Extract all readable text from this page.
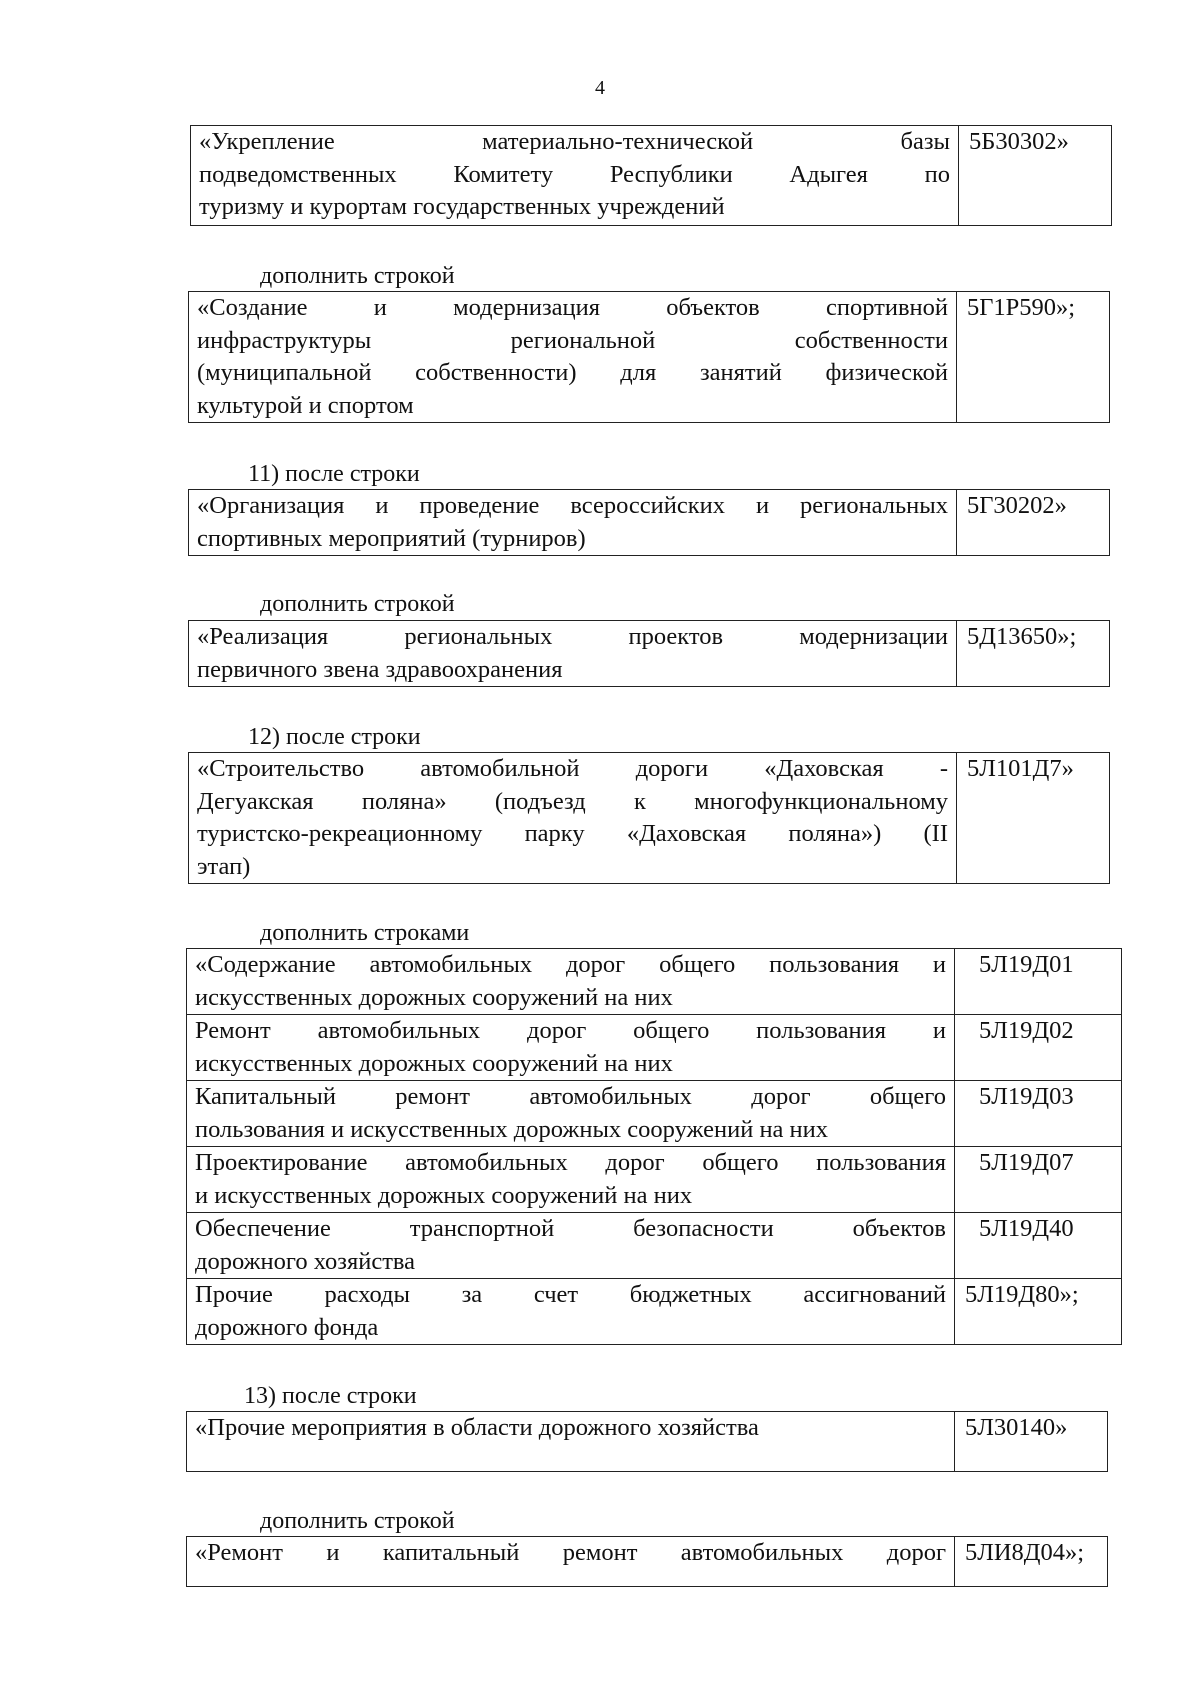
4
«Укрепление материально-технической базы
подведомственных Комитету Республики Адыгея по
туризму и курортам государственных учреждений
	5Б30302»
дополнить строкой
«Создание и модернизация объектов спортивной
инфраструктуры региональной собственности
(муниципальной собственности) для занятий физической
культурой и спортом
	5Г1Р590»;
11) после строки
«Организация и проведение всероссийских и региональных
спортивных мероприятий (турниров)
	5Г30202»
дополнить строкой
«Реализация региональных проектов модернизации
первичного звена здравоохранения
	5Д13650»;
12) после строки
«Строительство автомобильной дороги «Даховская -
Дегуакская поляна» (подъезд к многофункциональному
туристско-рекреационному парку «Даховская поляна») (II
этап)
	5Л101Д7»
дополнить строками
«Содержание автомобильных дорог общего пользования и
искусственных дорожных сооружений на них	5Л19Д01

Ремонт автомобильных дорог общего пользования и
искусственных дорожных сооружений на них	5Л19Д02

Капитальный ремонт автомобильных дорог общего
пользования и искусственных дорожных сооружений на них	5Л19Д03

Проектирование автомобильных дорог общего пользования
и искусственных дорожных сооружений на них	5Л19Д07

Обеспечение транспортной безопасности объектов
дорожного хозяйства	5Л19Д40

Прочие расходы за счет бюджетных ассигнований
дорожного фонда	5Л19Д80»;
13) после строки
«Прочие мероприятия в области дорожного хозяйства	5Л30140»
дополнить строкой
«Ремонт и капитальный ремонт автомобильных дорог	5ЛИ8Д04»;
